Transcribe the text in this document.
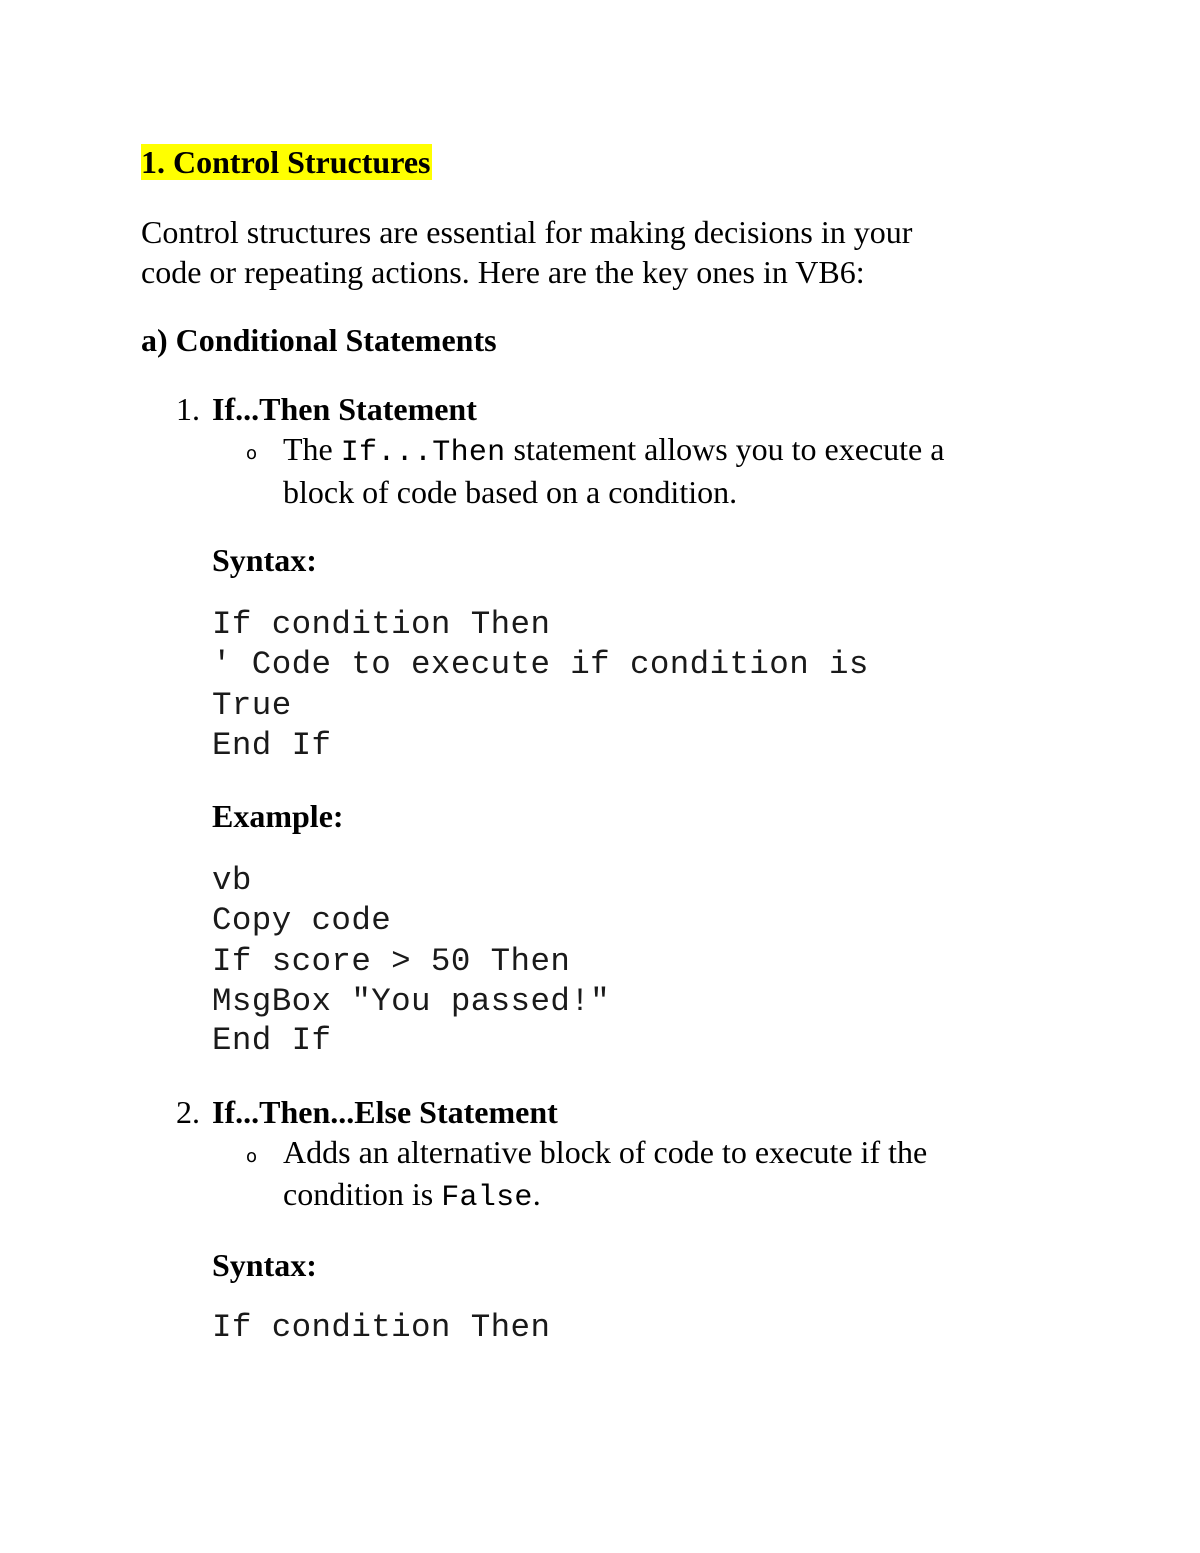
1. Control Structures
Control structures are essential for making decisions in your
code or repeating actions. Here are the key ones in VB6:
a) Conditional Statements
1. If...Then Statement
o The If...Then statement allows you to execute a
block of code based on a condition.
Syntax:
If condition Then
' Code to execute if condition is
True
End If
Example:
vb
Copy code
If score > 50 Then
MsgBox "You passed!"
End If
2. If...Then...Else Statement
o Adds an alternative block of code to execute if the
condition is False.
Syntax:
If condition Then
